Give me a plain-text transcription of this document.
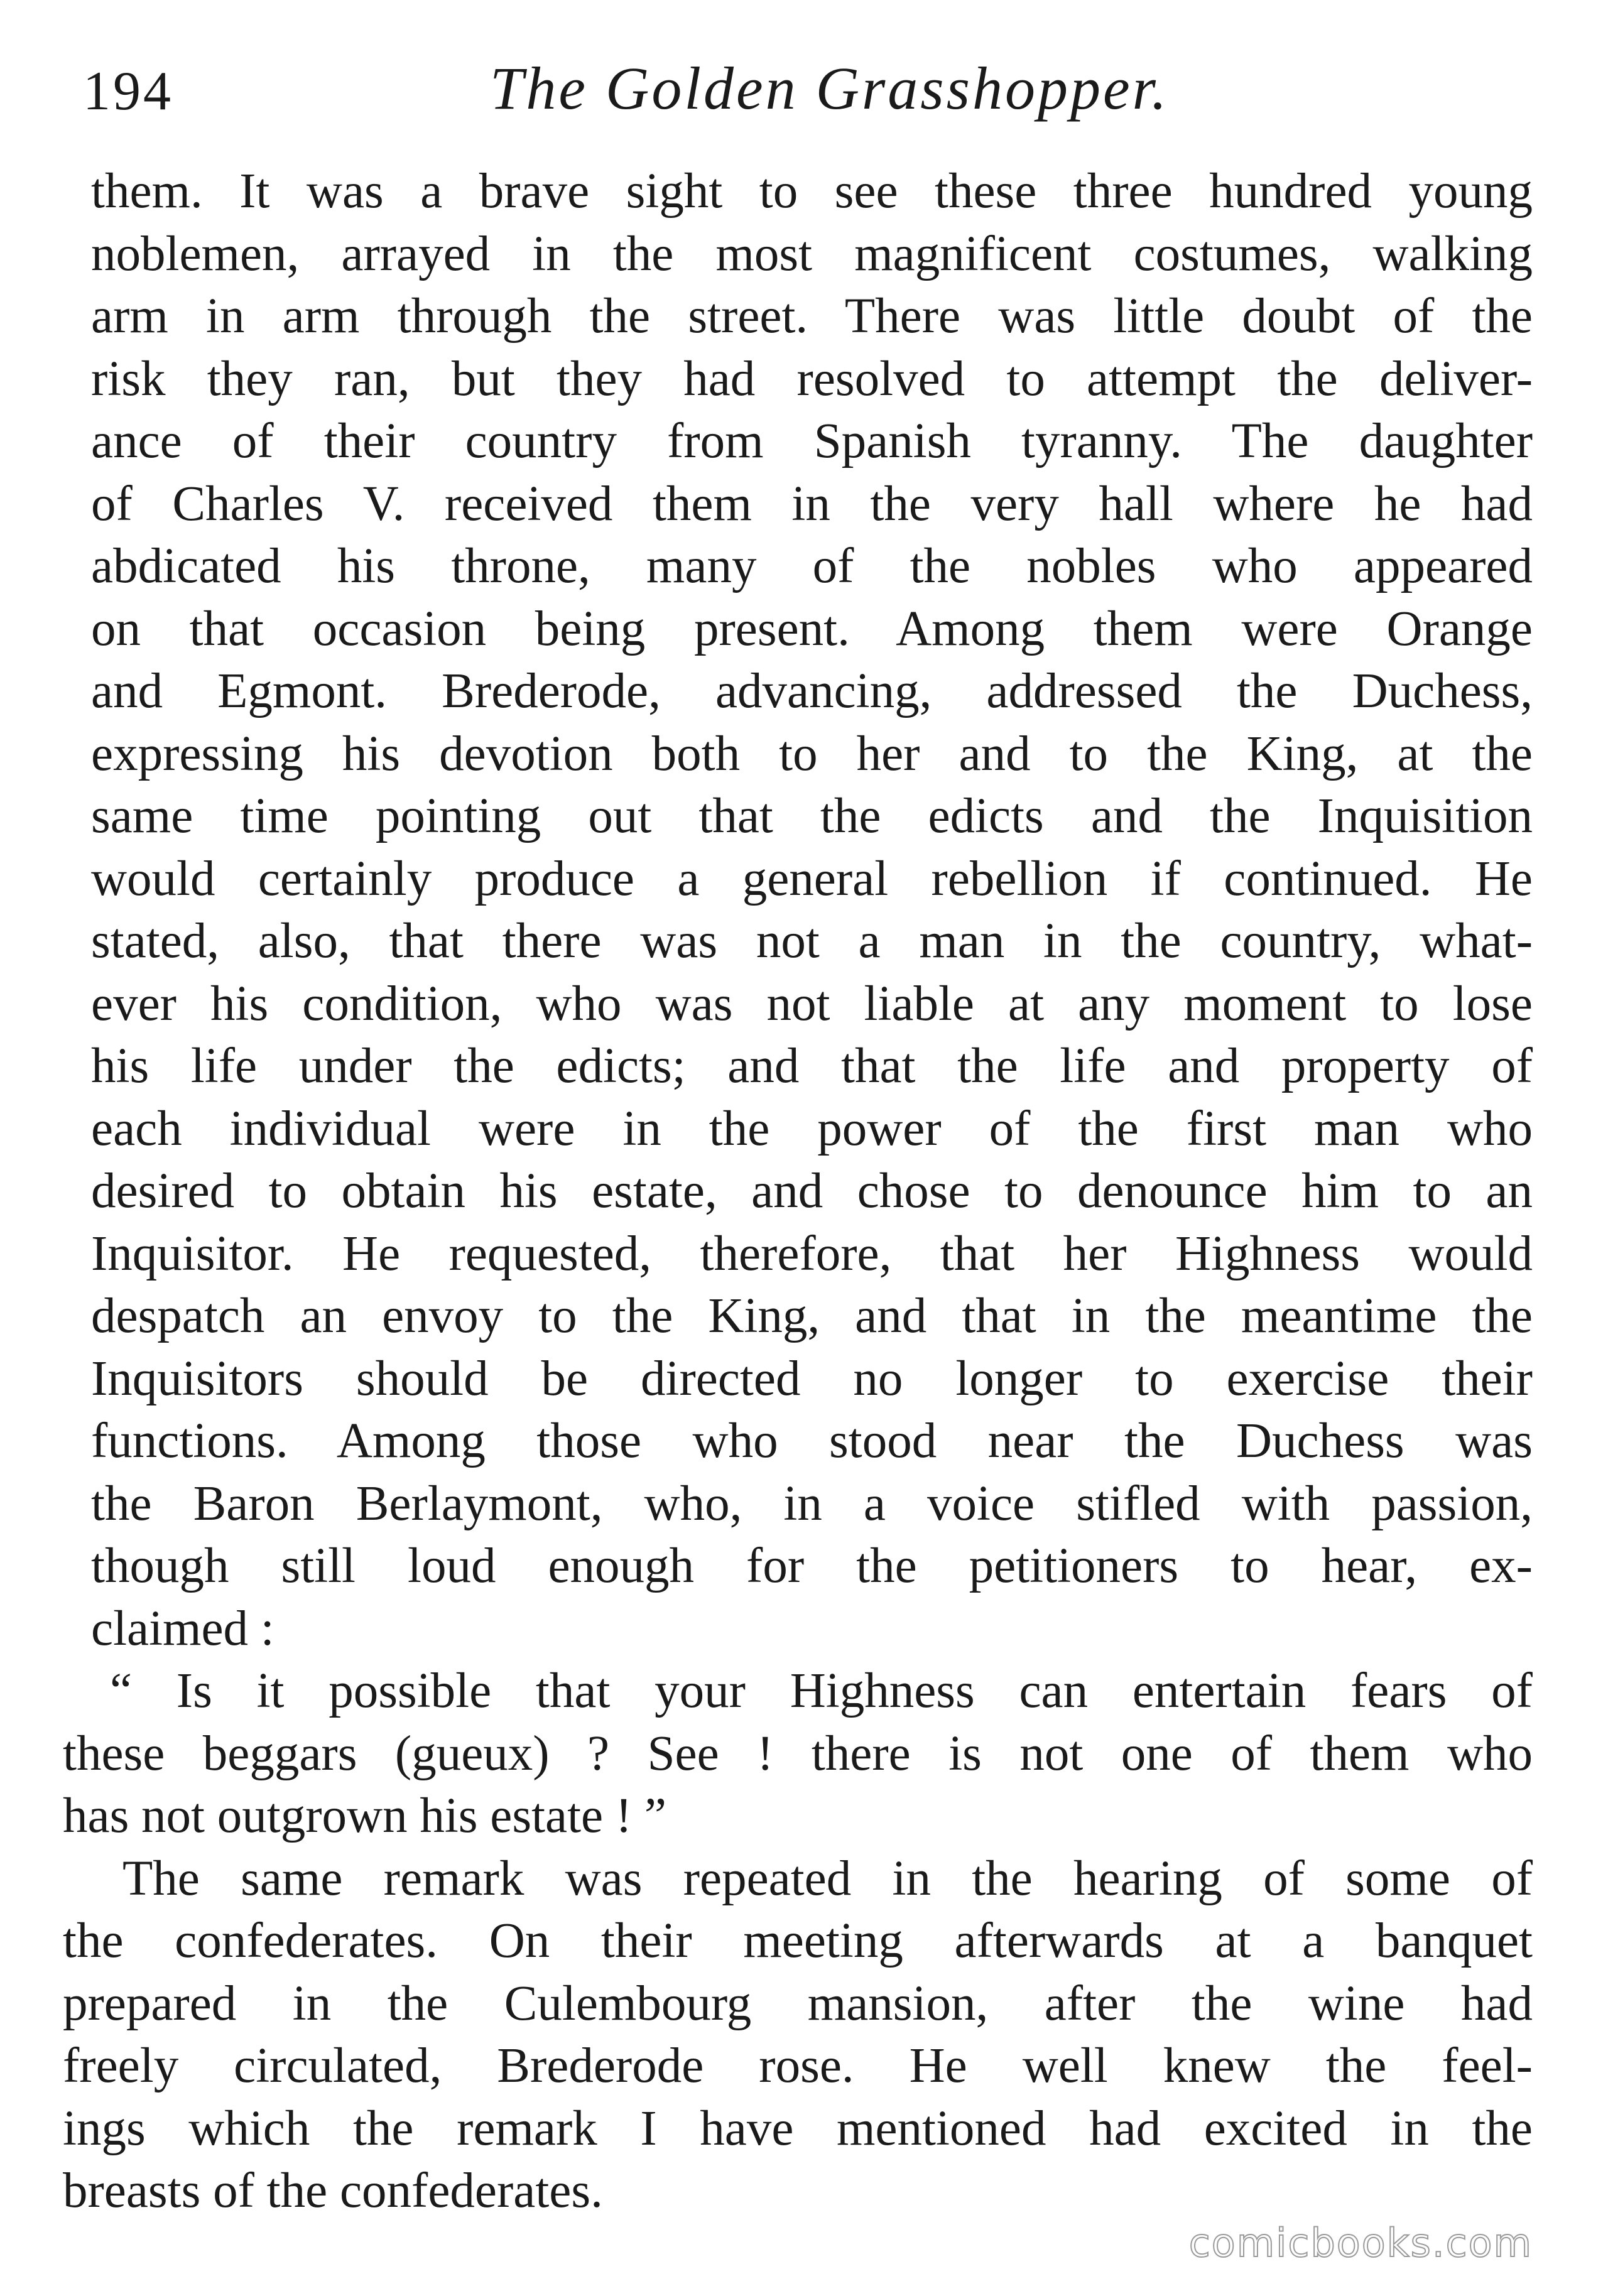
194	The Golden Grasshopper.
them. It was a brave sight to see these three hundred young
noblemen, arrayed in the most magnificent costumes, walking
arm in arm through the street. There was little doubt of the
risk they ran, but they had resolved to attempt the deliver-
ance of their country from Spanish tyranny. The daughter
of Charles V. received them in the very hall where he had
abdicated his throne, many of the nobles who appeared
on that occasion being present. Among them were Orange
and Egmont. Brederode, advancing, addressed the Duchess,
expressing his devotion both to her and to the King, at the
same time pointing out that the edicts and the Inquisition
would certainly produce a general rebellion if continued. He
stated, also, that there was not a man in the country, what-
ever his condition, who was not liable at any moment to lose
his life under the edicts; and that the life and property of
each individual were in the power of the first man who
desired to obtain his estate, and chose to denounce him to an
Inquisitor. He requested, therefore, that her Highness would
despatch an envoy to the King, and that in the meantime the
Inquisitors should be directed no longer to exercise their
functions. Among those who stood near the Duchess was
the Baron Berlaymont, who, in a voice stifled with passion,
though still loud enough for the petitioners to hear, ex-
claimed :
“ Is it possible that your Highness can entertain fears of
these beggars (gueux) ? See ! there is not one of them who
has not outgrown his estate ! ”
The same remark was repeated in the hearing of some of
the confederates. On their meeting afterwards at a banquet
prepared in the Culembourg mansion, after the wine had
freely circulated, Brederode rose. He well knew the feel-
ings which the remark I have mentioned had excited in the
breasts of the confederates.
comicbooks.com
